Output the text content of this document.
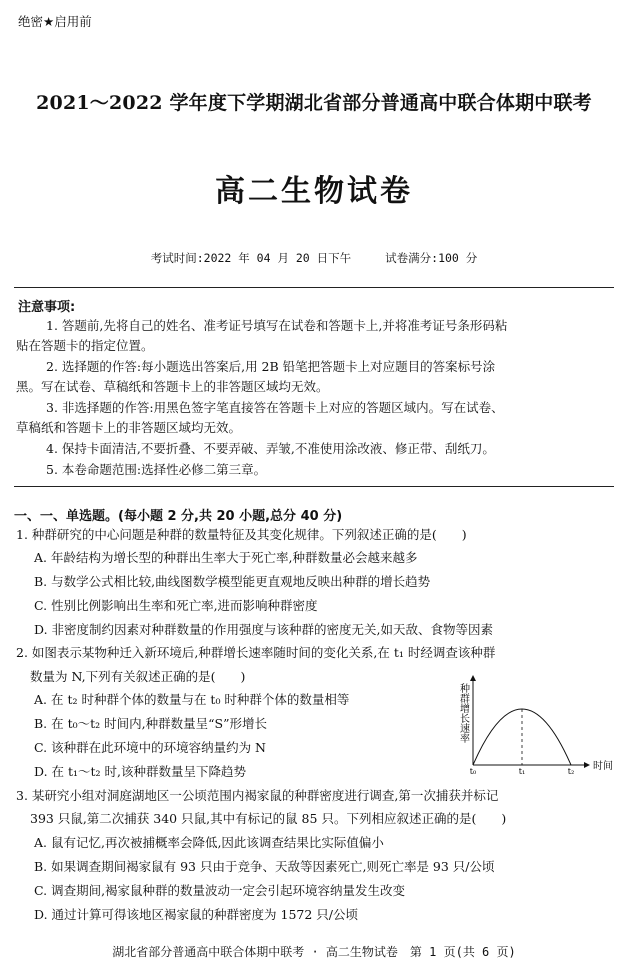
绝密★启用前
2021～2022 学年度下学期湖北省部分普通高中联合体期中联考
高二生物试卷
考试时间:2022 年 04 月 20 日下午	试卷满分:100 分
注意事项:
1. 答题前,先将自己的姓名、准考证号填写在试卷和答题卡上,并将准考证号条形码粘
贴在答题卡的指定位置。
2. 选择题的作答:每小题选出答案后,用 2B 铅笔把答题卡上对应题目的答案标号涂
黑。写在试卷、草稿纸和答题卡上的非答题区域均无效。
3. 非选择题的作答:用黑色签字笔直接答在答题卡上对应的答题区域内。写在试卷、
草稿纸和答题卡上的非答题区域均无效。
4. 保持卡面清洁,不要折叠、不要弄破、弄皱,不准使用涂改液、修正带、刮纸刀。
5. 本卷命题范围:选择性必修二第三章。
一、一、单选题。(每小题 2 分,共 20 小题,总分 40 分)
1. 种群研究的中心问题是种群的数量特征及其变化规律。下列叙述正确的是(　　)
A. 年龄结构为增长型的种群出生率大于死亡率,种群数量必会越来越多
B. 与数学公式相比较,曲线图数学模型能更直观地反映出种群的增长趋势
C. 性别比例影响出生率和死亡率,进而影响种群密度
D. 非密度制约因素对种群数量的作用强度与该种群的密度无关,如天敌、食物等因素
2. 如图表示某物种迁入新环境后,种群增长速率随时间的变化关系,在 t₁ 时经调查该种群
数量为 N,下列有关叙述正确的是(　　)
A. 在 t₂ 时种群个体的数量与在 t₀ 时种群个体的数量相等
B. 在 t₀～t₂ 时间内,种群数量呈“S”形增长
C. 该种群在此环境中的环境容纳量约为 N
D. 在 t₁～t₂ 时,该种群数量呈下降趋势
种群增长速率
t₀	t₁	t₂ 时间
3. 某研究小组对洞庭湖地区一公顷范围内褐家鼠的种群密度进行调查,第一次捕获并标记
393 只鼠,第二次捕获 340 只鼠,其中有标记的鼠 85 只。下列相应叙述正确的是(　　)
A. 鼠有记忆,再次被捕概率会降低,因此该调查结果比实际值偏小
B. 如果调查期间褐家鼠有 93 只由于竞争、天敌等因素死亡,则死亡率是 93 只/公顷
C. 调查期间,褐家鼠种群的数量波动一定会引起环境容纳量发生改变
D. 通过计算可得该地区褐家鼠的种群密度为 1572 只/公顷
湖北省部分普通高中联合体期中联考 · 高二生物试卷　第 1 页(共 6 页)
